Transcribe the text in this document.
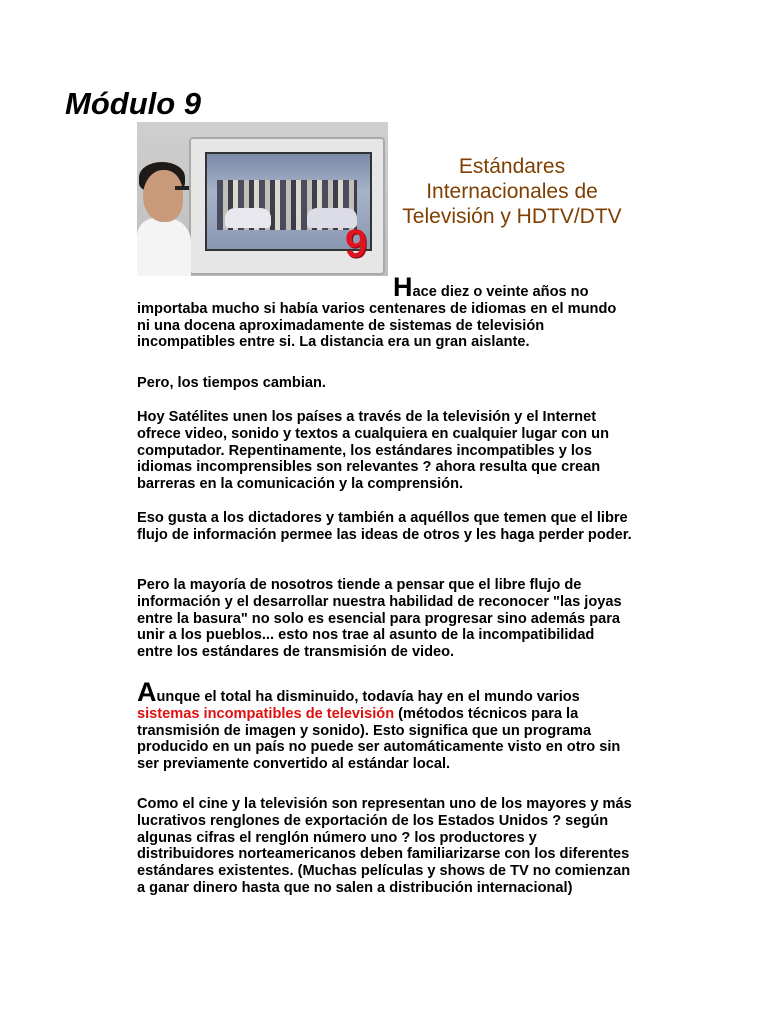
Módulo 9
9
Estándares Internacionales de Televisión y HDTV/DTV

Hace diez o veinte años no importaba mucho si había varios centenares de idiomas en el mundo ni una docena aproximadamente de sistemas de televisión incompatibles entre si. La distancia era un gran aislante.

Pero, los tiempos cambian.

Hoy Satélites unen los países a través de la televisión y el Internet ofrece video, sonido y textos a cualquiera en cualquier lugar con un computador. Repentinamente, los estándares incompatibles y los idiomas incomprensibles son relevantes ? ahora resulta que crean barreras en la comunicación y la comprensión.

Eso gusta a los dictadores y también a aquéllos que temen que el libre flujo de información permee las ideas de otros y les haga perder poder.

Pero la mayoría de nosotros tiende a pensar que el libre flujo de información y el desarrollar nuestra habilidad de reconocer "las joyas entre la basura" no solo es esencial para progresar sino además para unir a los pueblos... esto nos trae al asunto de la incompatibilidad entre los estándares de transmisión de video.

Aunque el total ha disminuido, todavía hay en el mundo varios sistemas incompatibles de televisión (métodos técnicos para la transmisión de imagen y sonido). Esto significa que un programa producido en un país no puede ser automáticamente visto en otro sin ser previamente convertido al estándar local.

Como el cine y la televisión son representan uno de los mayores y más lucrativos renglones de exportación de los Estados Unidos ? según algunas cifras el renglón número uno ? los productores y distribuidores norteamericanos deben familiarizarse con los diferentes estándares existentes. (Muchas películas y shows de TV no comienzan a ganar dinero hasta que no salen a distribución internacional)
